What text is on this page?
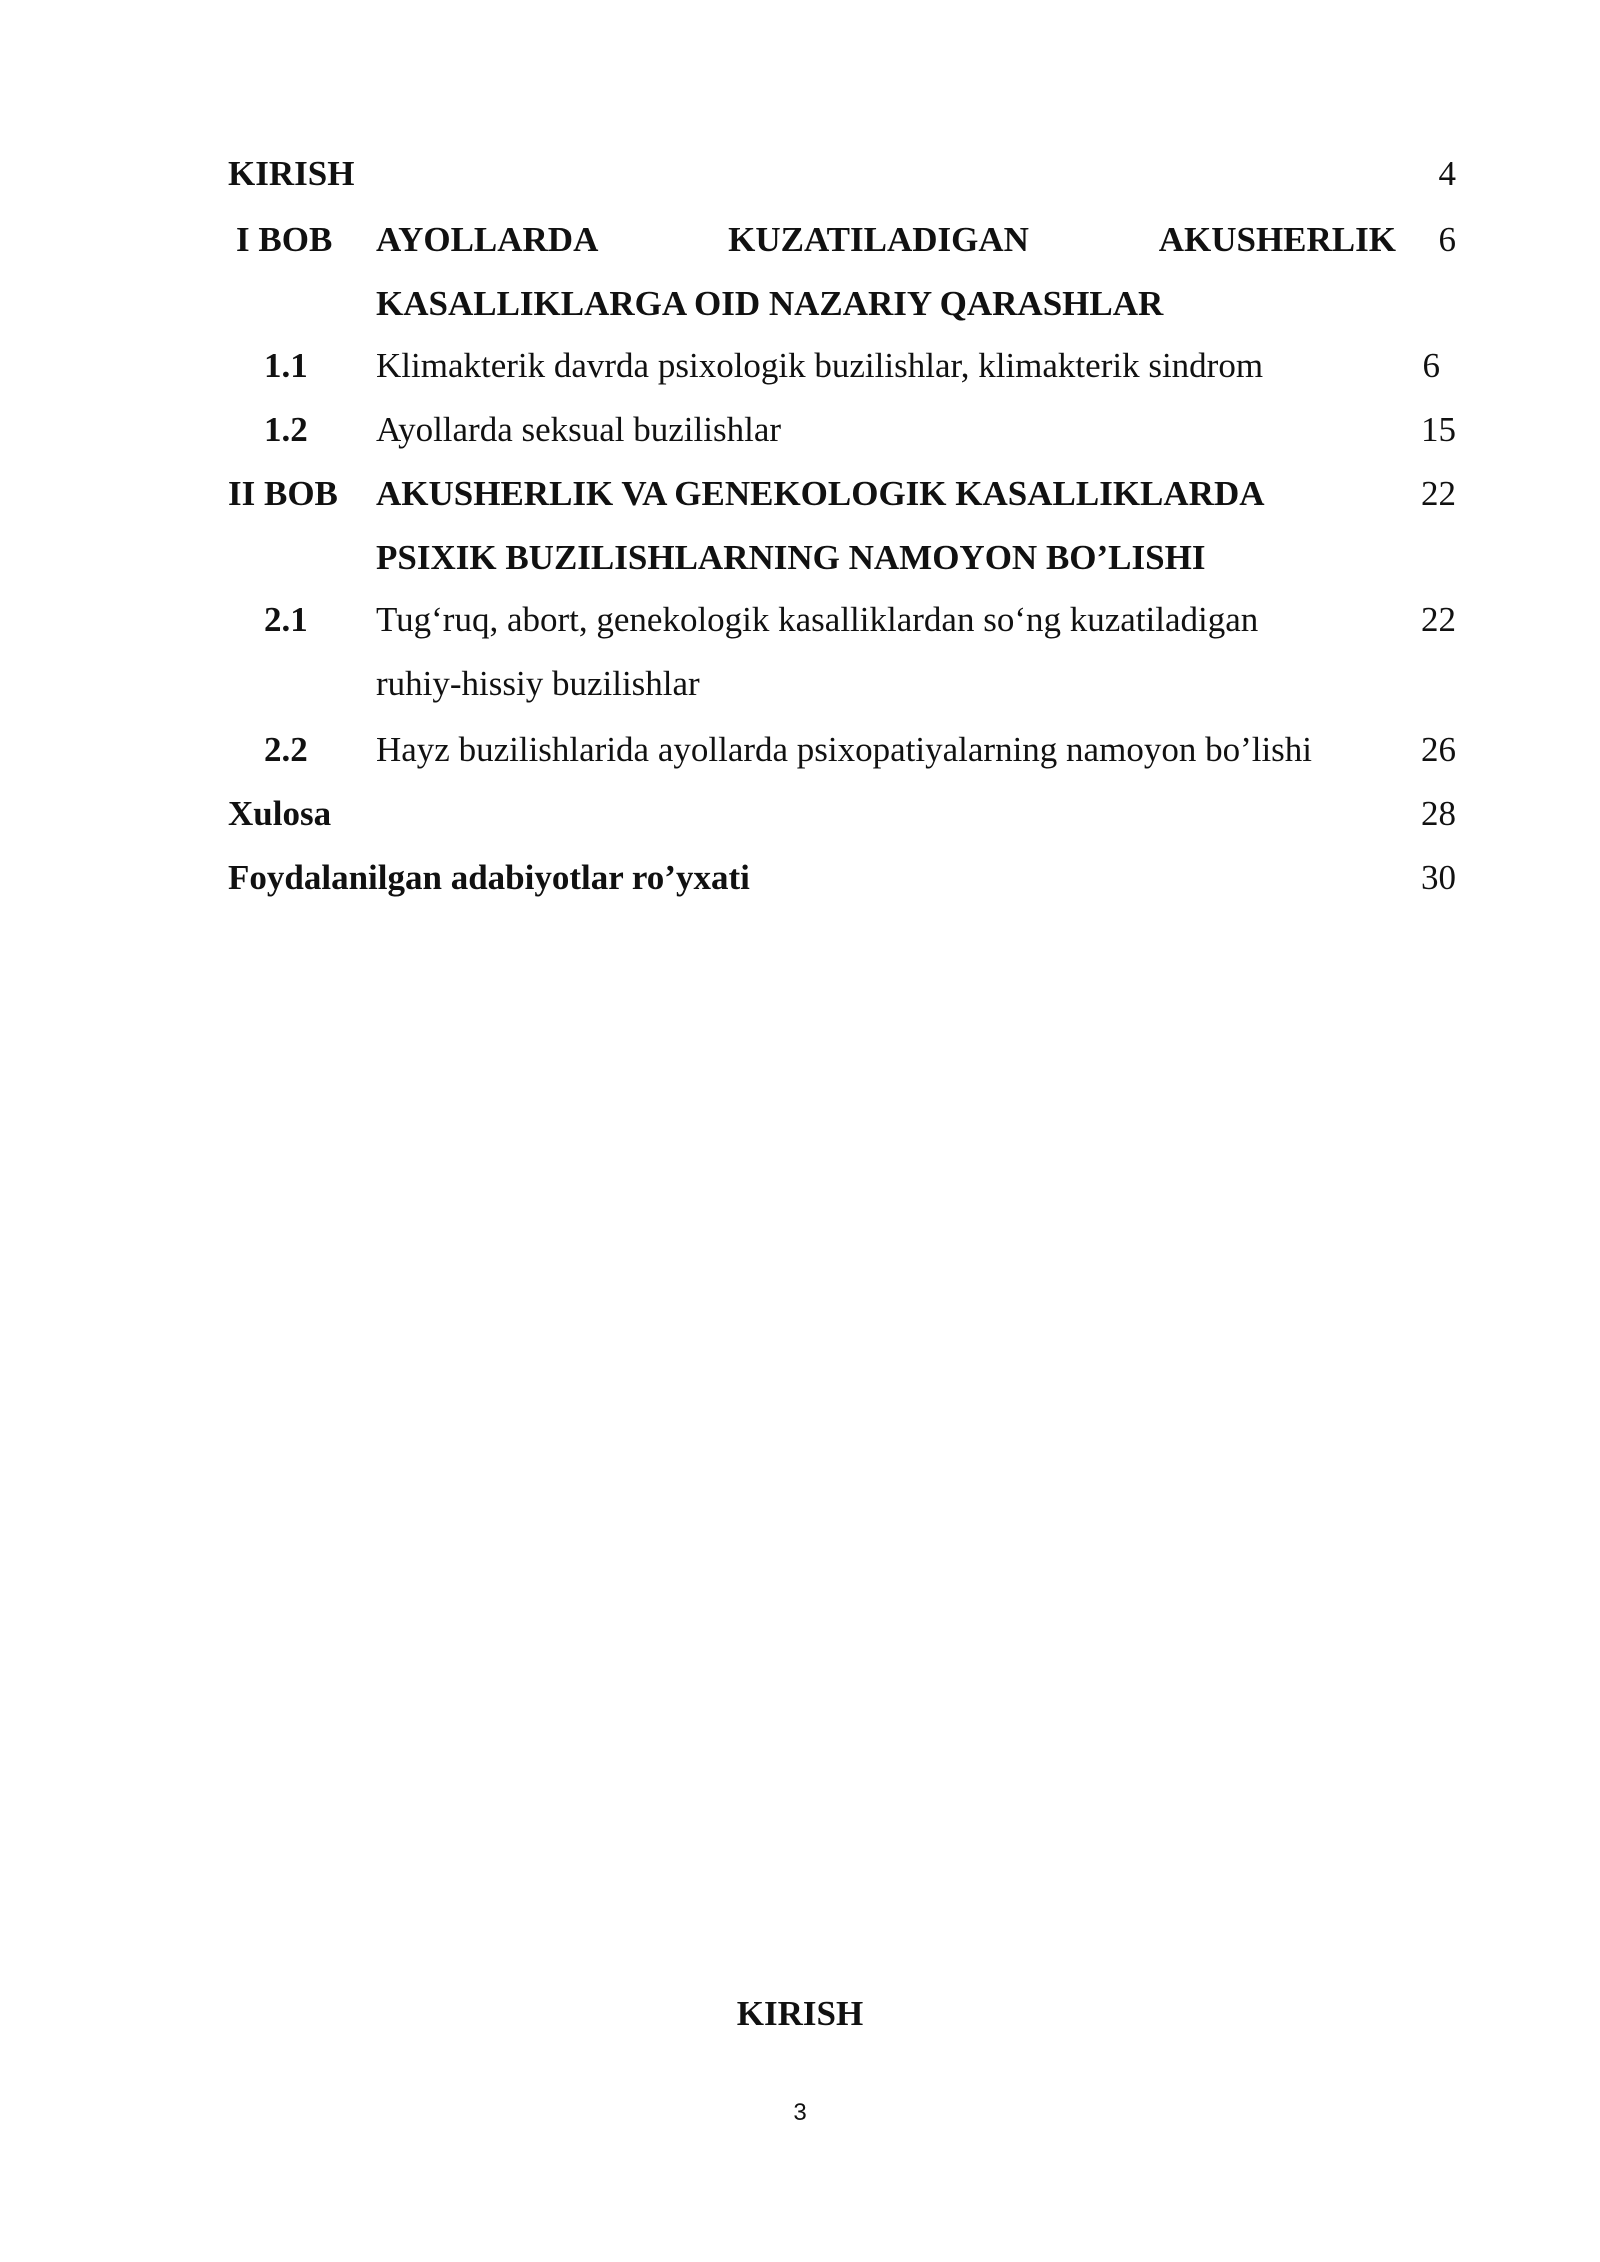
KIRISH	4
I BOB AYOLLARDA	KUZATILADIGAN	AKUSHERLIK	6
KASALLIKLARGA OID NAZARIY QARASHLAR
1.1 Klimakterik davrda psixologik buzilishlar, klimakterik sindrom	6
1.2 Ayollarda seksual buzilishlar	15
II BOB AKUSHERLIK VA GENEKOLOGIK KASALLIKLARDA	22
PSIXIK BUZILISHLARNING NAMOYON BO’LISHI
2.1 Tug‘ruq, abort, genekologik kasalliklardan so‘ng kuzatiladigan	22
ruhiy-hissiy buzilishlar
2.2 Hayz buzilishlarida ayollarda psixopatiyalarning namoyon bo’lishi	26
Xulosa	28
Foydalanilgan adabiyotlar ro’yxati	30
KIRISH
3
